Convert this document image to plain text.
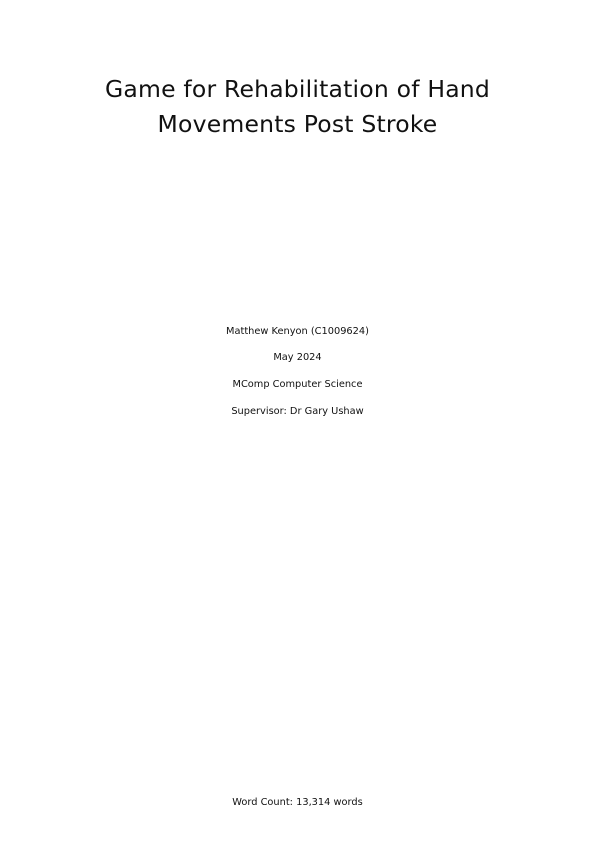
Game for Rehabilitation of Hand
Movements Post Stroke

Matthew Kenyon (C1009624)

May 2024

MComp Computer Science

Supervisor: Dr Gary Ushaw

Word Count: 13,314 words
